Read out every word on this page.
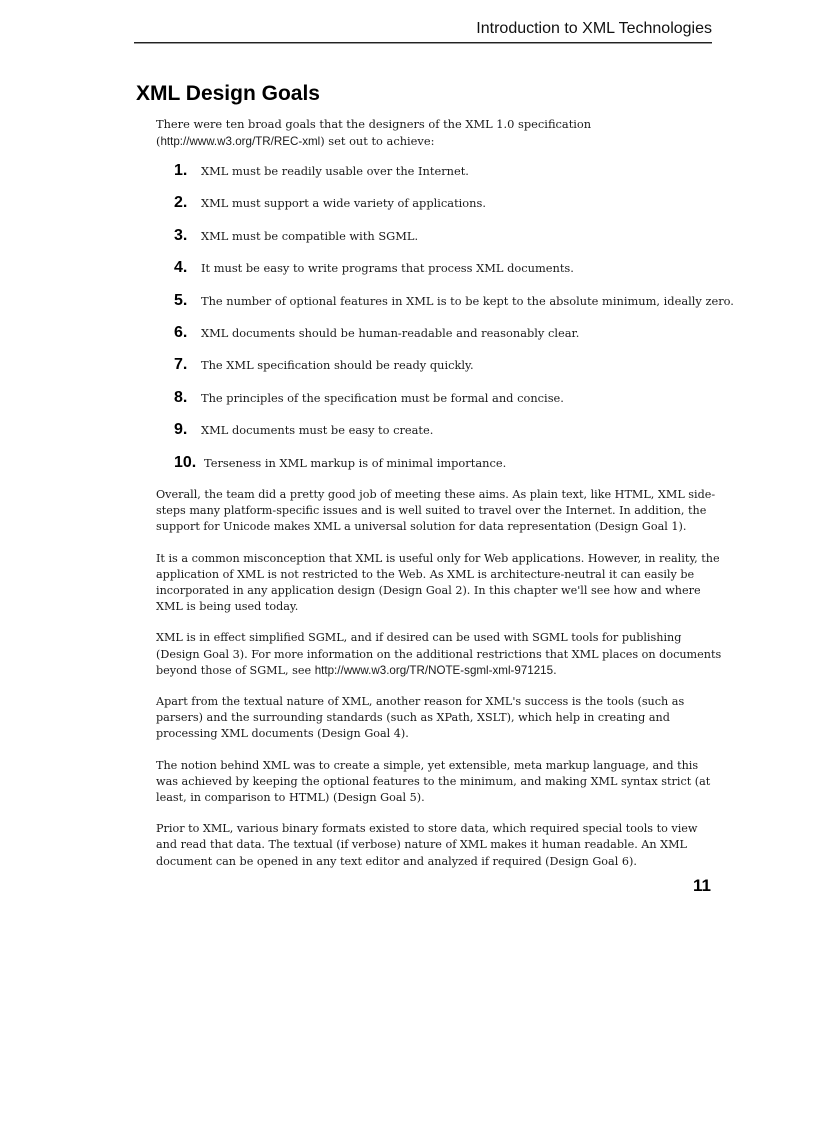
Introduction to XML Technologies
XML Design Goals

There were ten broad goals that the designers of the XML 1.0 specification
(http://www.w3.org/TR/REC-xml) set out to achieve:

1.	XML must be readily usable over the Internet.
2.	XML must support a wide variety of applications.
3.	XML must be compatible with SGML.
4.	It must be easy to write programs that process XML documents.
5.	The number of optional features in XML is to be kept to the absolute minimum, ideally zero.
6.	XML documents should be human-readable and reasonably clear.
7.	The XML specification should be ready quickly.
8.	The principles of the specification must be formal and concise.
9.	XML documents must be easy to create.
10. Terseness in XML markup is of minimal importance.

Overall, the team did a pretty good job of meeting these aims. As plain text, like HTML, XML side-steps many platform-specific issues and is well suited to travel over the Internet. In addition, the support for Unicode makes XML a universal solution for data representation (Design Goal 1).

It is a common misconception that XML is useful only for Web applications. However, in reality, the application of XML is not restricted to the Web. As XML is architecture-neutral it can easily be incorporated in any application design (Design Goal 2). In this chapter we'll see how and where XML is being used today.

XML is in effect simplified SGML, and if desired can be used with SGML tools for publishing (Design Goal 3). For more information on the additional restrictions that XML places on documents beyond those of SGML, see http://www.w3.org/TR/NOTE-sgml-xml-971215.

Apart from the textual nature of XML, another reason for XML's success is the tools (such as parsers) and the surrounding standards (such as XPath, XSLT), which help in creating and processing XML documents (Design Goal 4).

The notion behind XML was to create a simple, yet extensible, meta markup language, and this was achieved by keeping the optional features to the minimum, and making XML syntax strict (at least, in comparison to HTML) (Design Goal 5).

Prior to XML, various binary formats existed to store data, which required special tools to view and read that data. The textual (if verbose) nature of XML makes it human readable. An XML document can be opened in any text editor and analyzed if required (Design Goal 6).

11
